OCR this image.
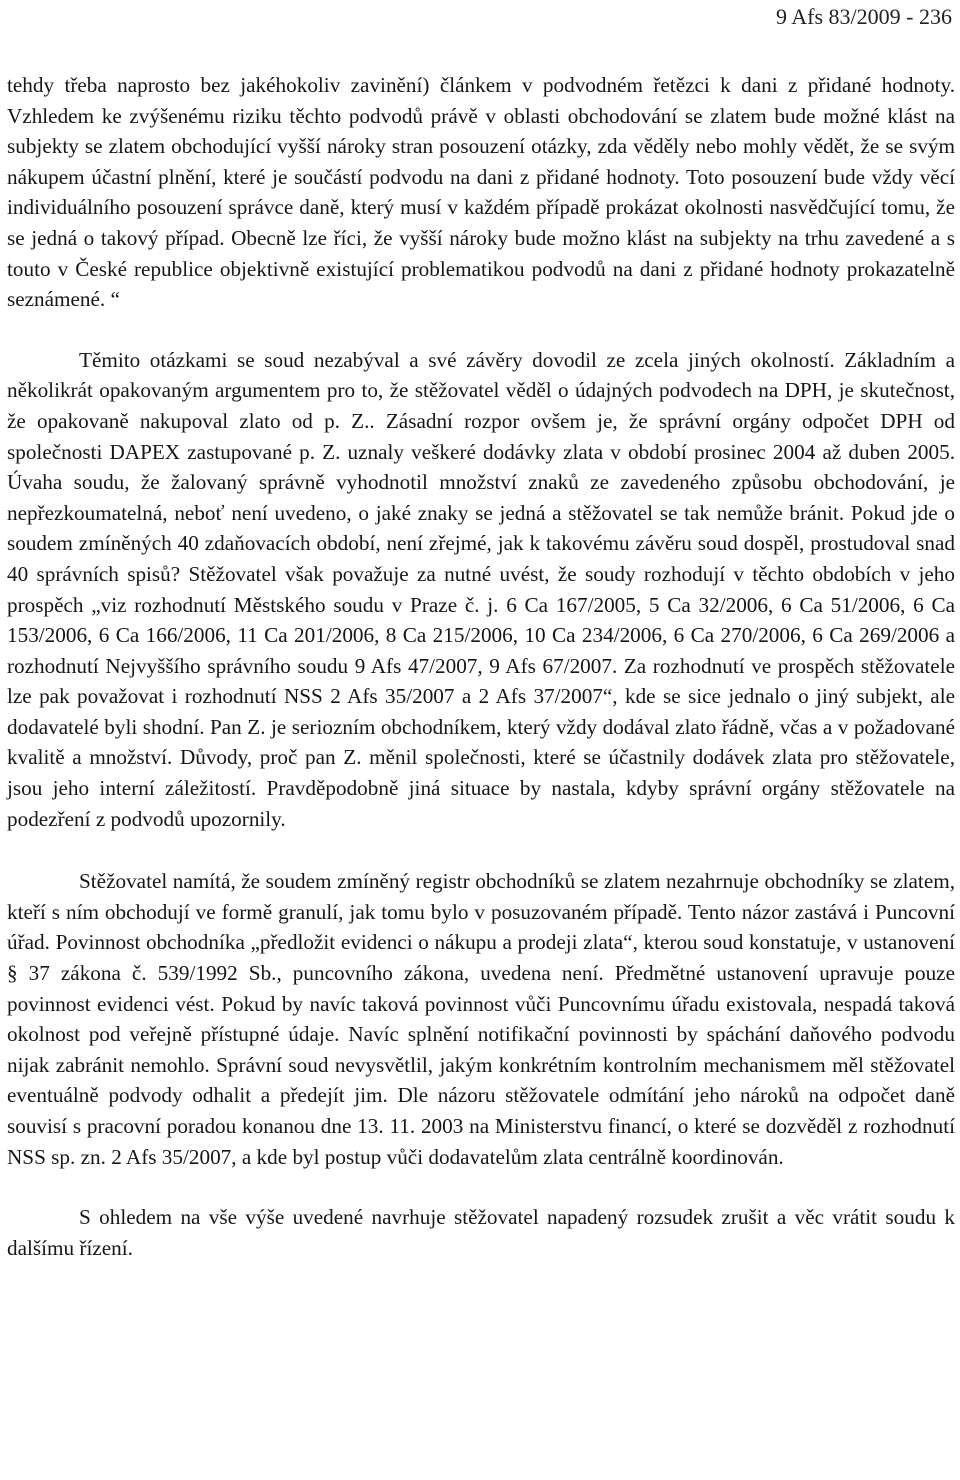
9 Afs 83/2009 - 236

tehdy třeba naprosto bez jakéhokoliv zavinění) článkem v podvodném řetězci k dani z přidané hodnoty. Vzhledem ke zvýšenému riziku těchto podvodů právě v oblasti obchodování se zlatem bude možné klást na subjekty se zlatem obchodující vyšší nároky stran posouzení otázky, zda věděly nebo mohly vědět, že se svým nákupem účastní plnění, které je součástí podvodu na dani z přidané hodnoty. Toto posouzení bude vždy věcí individuálního posouzení správce daně, který musí v každém případě prokázat okolnosti nasvědčující tomu, že se jedná o takový případ. Obecně lze říci, že vyšší nároky bude možno klást na subjekty na trhu zavedené a s touto v České republice objektivně existující problematikou podvodů na dani z přidané hodnoty prokazatelně seznámené. “

Těmito otázkami se soud nezabýval a své závěry dovodil ze zcela jiných okolností. Základním a několikrát opakovaným argumentem pro to, že stěžovatel věděl o údajných podvodech na DPH, je skutečnost, že opakovaně nakupoval zlato od p. Z.. Zásadní rozpor ovšem je, že správní orgány odpočet DPH od společnosti DAPEX zastupované p. Z. uznaly veškeré dodávky zlata v období prosinec 2004 až duben 2005. Úvaha soudu, že žalovaný správně vyhodnotil množství znaků ze zavedeného způsobu obchodování, je nepřezkoumatelná, neboť není uvedeno, o jaké znaky se jedná a stěžovatel se tak nemůže bránit. Pokud jde o soudem zmíněných 40 zdaňovacích období, není zřejmé, jak k takovému závěru soud dospěl, prostudoval snad 40 správních spisů? Stěžovatel však považuje za nutné uvést, že soudy rozhodují v těchto obdobích v jeho prospěch „viz rozhodnutí Městského soudu v Praze č. j. 6 Ca 167/2005, 5 Ca 32/2006, 6 Ca 51/2006, 6 Ca 153/2006, 6 Ca 166/2006, 11 Ca 201/2006, 8 Ca 215/2006, 10 Ca 234/2006, 6 Ca 270/2006, 6 Ca 269/2006 a rozhodnutí Nejvyššího správního soudu 9 Afs 47/2007, 9 Afs 67/2007. Za rozhodnutí ve prospěch stěžovatele lze pak považovat i rozhodnutí NSS 2 Afs 35/2007 a 2 Afs 37/2007“, kde se sice jednalo o jiný subjekt, ale dodavatelé byli shodní. Pan Z. je seriozním obchodníkem, který vždy dodával zlato řádně, včas a v požadované kvalitě a množství. Důvody, proč pan Z. měnil společnosti, které se účastnily dodávek zlata pro stěžovatele, jsou jeho interní záležitostí. Pravděpodobně jiná situace by nastala, kdyby správní orgány stěžovatele na podezření z podvodů upozornily.

Stěžovatel namítá, že soudem zmíněný registr obchodníků se zlatem nezahrnuje obchodníky se zlatem, kteří s ním obchodují ve formě granulí, jak tomu bylo v posuzovaném případě. Tento názor zastává i Puncovní úřad. Povinnost obchodníka „předložit evidenci o nákupu a prodeji zlata“, kterou soud konstatuje, v ustanovení § 37 zákona č. 539/1992 Sb., puncovního zákona, uvedena není. Předmětné ustanovení upravuje pouze povinnost evidenci vést. Pokud by navíc taková povinnost vůči Puncovnímu úřadu existovala, nespadá taková okolnost pod veřejně přístupné údaje. Navíc splnění notifikační povinnosti by spáchání daňového podvodu nijak zabránit nemohlo. Správní soud nevysvětlil, jakým konkrétním kontrolním mechanismem měl stěžovatel eventuálně podvody odhalit a předejít jim. Dle názoru stěžovatele odmítání jeho nároků na odpočet daně souvisí s pracovní poradou konanou dne 13. 11. 2003 na Ministerstvu financí, o které se dozvěděl z rozhodnutí NSS sp. zn. 2 Afs 35/2007, a kde byl postup vůči dodavatelům zlata centrálně koordinován.

S ohledem na vše výše uvedené navrhuje stěžovatel napadený rozsudek zrušit a věc vrátit soudu k dalšímu řízení.
